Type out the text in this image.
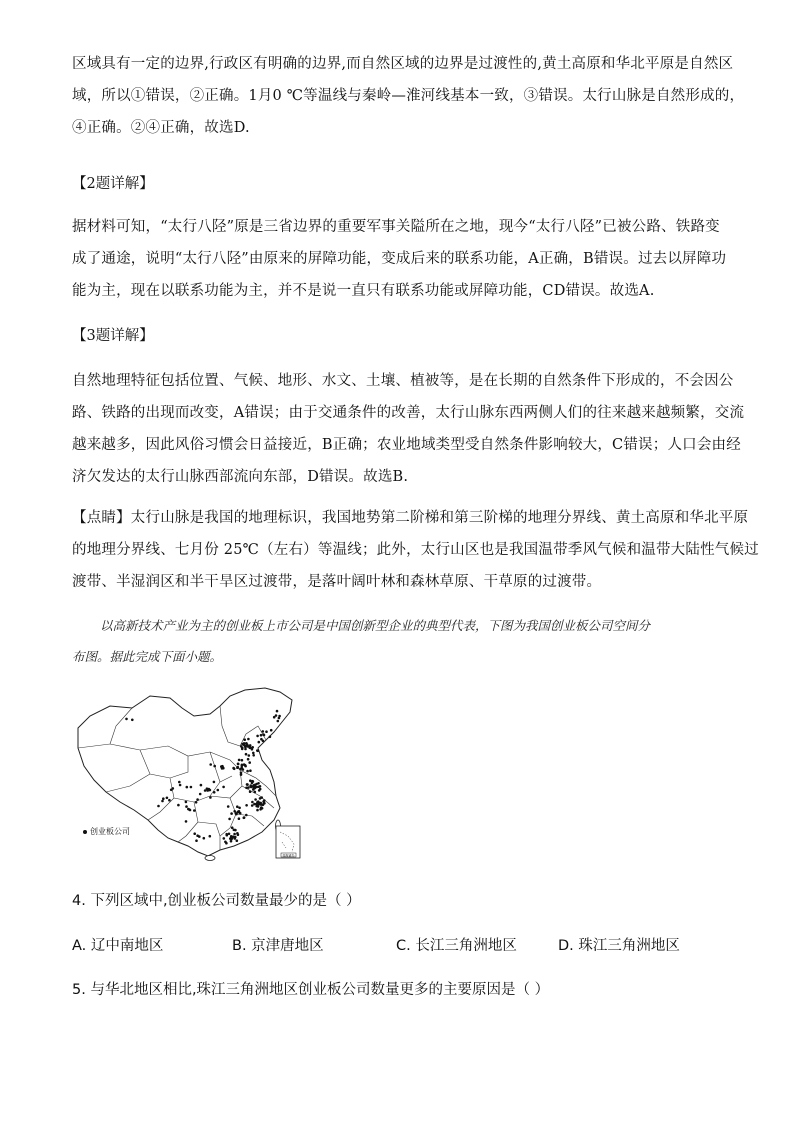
区域具有一定的边界,行政区有明确的边界,而自然区域的边界是过渡性的,黄土高原和华北平原是自然区
域，所以①错误，②正确。1月0 ℃等温线与秦岭—淮河线基本一致，③错误。太行山脉是自然形成的，
④正确。②④正确，故选D.
【2题详解】
据材料可知，“太行八陉”原是三省边界的重要军事关隘所在之地，现今“太行八陉”已被公路、铁路变
成了通途，说明“太行八陉”由原来的屏障功能，变成后来的联系功能，A正确，B错误。过去以屏障功
能为主，现在以联系功能为主，并不是说一直只有联系功能或屏障功能，CD错误。故选A.
【3题详解】
自然地理特征包括位置、气候、地形、水文、土壤、植被等，是在长期的自然条件下形成的，不会因公
路、铁路的出现而改变，A错误；由于交通条件的改善，太行山脉东西两侧人们的往来越来越频繁，交流
越来越多，因此风俗习惯会日益接近，B正确；农业地域类型受自然条件影响较大，C错误；人口会由经
济欠发达的太行山脉西部流向东部，D错误。故选B.
【点睛】太行山脉是我国的地理标识，我国地势第二阶梯和第三阶梯的地理分界线、黄土高原和华北平原
的地理分界线、七月份 25℃（左右）等温线；此外，太行山区也是我国温带季风气候和温带大陆性气候过
渡带、半湿润区和半干旱区过渡带，是落叶阔叶林和森林草原、干草原的过渡带。
以高新技术产业为主的创业板上市公司是中国创新型企业的典型代表，下图为我国创业板公司空间分
布图。据此完成下面小题。
南海诸岛
创业板公司
4. 下列区域中,创业板公司数量最少的是（ ）
A. 辽中南地区	B. 京津唐地区	C. 长江三角洲地区	D. 珠江三角洲地区
5. 与华北地区相比,珠江三角洲地区创业板公司数量更多的主要原因是（ ）
